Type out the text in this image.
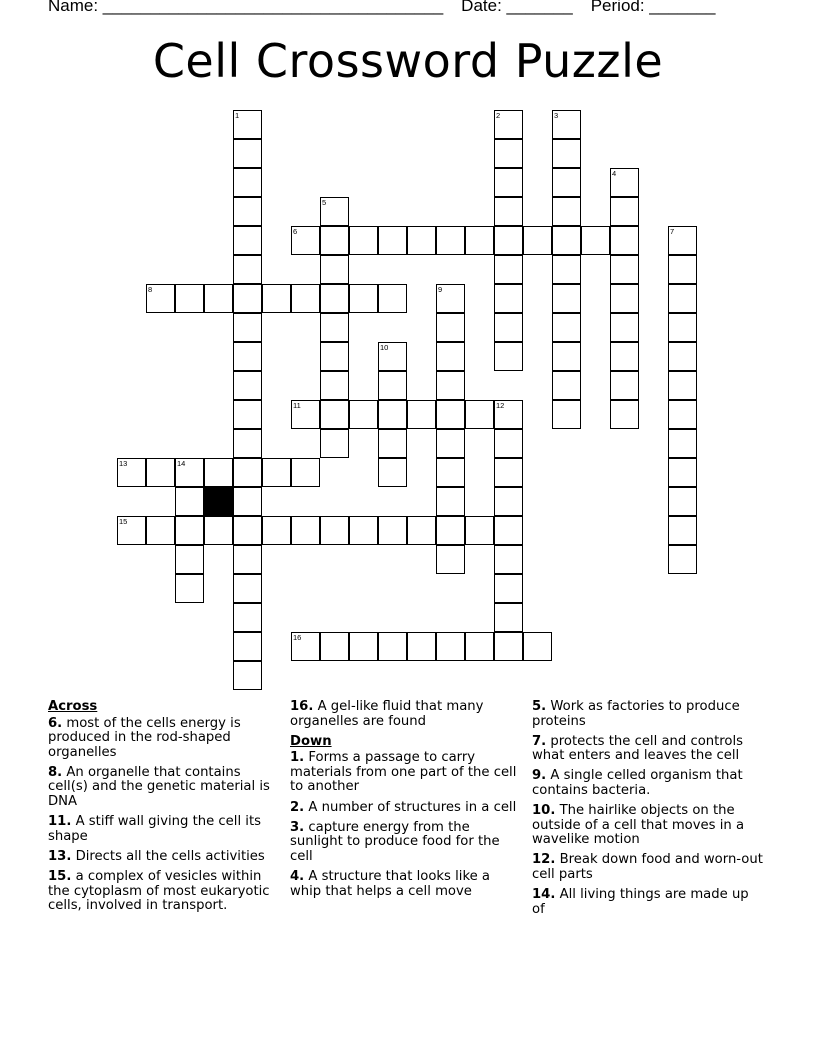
Name: ____________________________________ Date: _______ Period: _______
Cell Crossword Puzzle
1	2	3
4
5
6	7
8	9
10
11	12
13	14
15
16
Across
6. most of the cells energy is produced in the rod-shaped organelles
8. An organelle that contains cell(s) and the genetic material is DNA
11. A stiff wall giving the cell its shape
13. Directs all the cells activities
15. a complex of vesicles within the cytoplasm of most eukaryotic cells, involved in transport.
16. A gel-like fluid that many organelles are found
Down
1. Forms a passage to carry materials from one part of the cell to another
2. A number of structures in a cell
3. capture energy from the sunlight to produce food for the cell
4. A structure that looks like a whip that helps a cell move
5. Work as factories to produce proteins
7. protects the cell and controls what enters and leaves the cell
9. A single celled organism that contains bacteria.
10. The hairlike objects on the outside of a cell that moves in a wavelike motion
12. Break down food and worn-out cell parts
14. All living things are made up of
